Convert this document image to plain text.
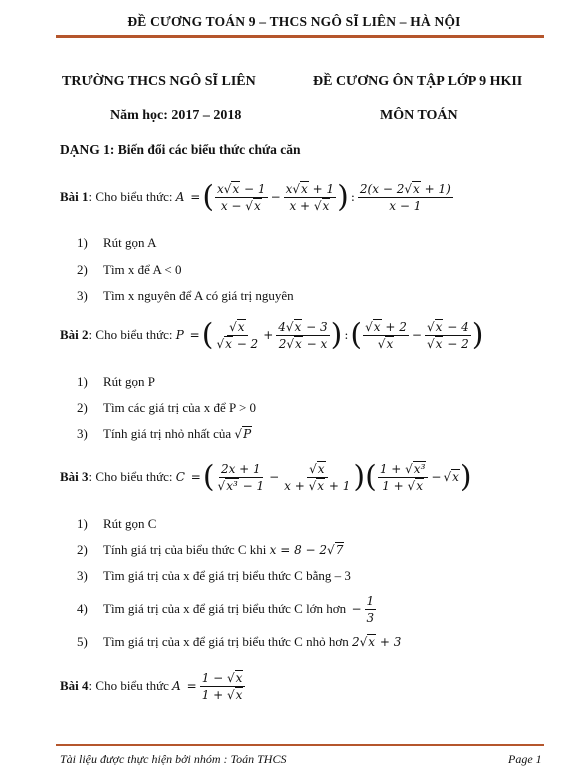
ĐỀ CƯƠNG TOÁN 9 – THCS NGÔ SĨ LIÊN – HÀ NỘI
TRƯỜNG THCS NGÔ SĨ LIÊN	ĐỀ CƯƠNG ÔN TẬP LỚP 9 HKII
Năm học: 2017 – 2018	MÔN TOÁN
DẠNG 1: Biến đổi các biểu thức chứa căn
Bài 1: Cho biểu thức: A =( $\frac{x√x - 1}{x - √x} - \frac{x√x + 1}{x + √x}$ ) : $\frac{2(x - 2√x + 1)}{x - 1}$
1) Rút gọn A
2) Tìm x để A < 0
3) Tìm x nguyên để A có giá trị nguyên
Bài 2: Cho biểu thức: P =( $\frac{√x}{√x - 2} + \frac{4√x - 3}{2√x - x}$ ) :( $\frac{√x + 2}{√x} - \frac{√x - 4}{√x - 2}$ )
1) Rút gọn P
2) Tìm các giá trị của x để P > 0
3) Tính giá trị nhỏ nhất của √P
Bài 3: Cho biểu thức: C =( $\frac{2x + 1}{\text{√x³ − 1}} - \frac{√x}{x + √x + 1}$ )( $\frac{\text{1 + √x³}}{1 + √x} - √x$)
1) Rút gọn C
2) Tính giá trị của biểu thức C khi x = 8 − 2√7
3) Tìm giá trị của x để giá trị biểu thức C bằng – 3
4) Tìm giá trị của x để giá trị biểu thức C lớn hơn − $\frac{1}{3}$
5) Tìm giá trị của x để giá trị biểu thức C nhỏ hơn 2√x + 3
Bài 4: Cho biểu thức $A = \frac{1 - √x}{1 + √x}$
Tài liệu được thực hiện bởi nhóm : Toán THCS	Page 1
